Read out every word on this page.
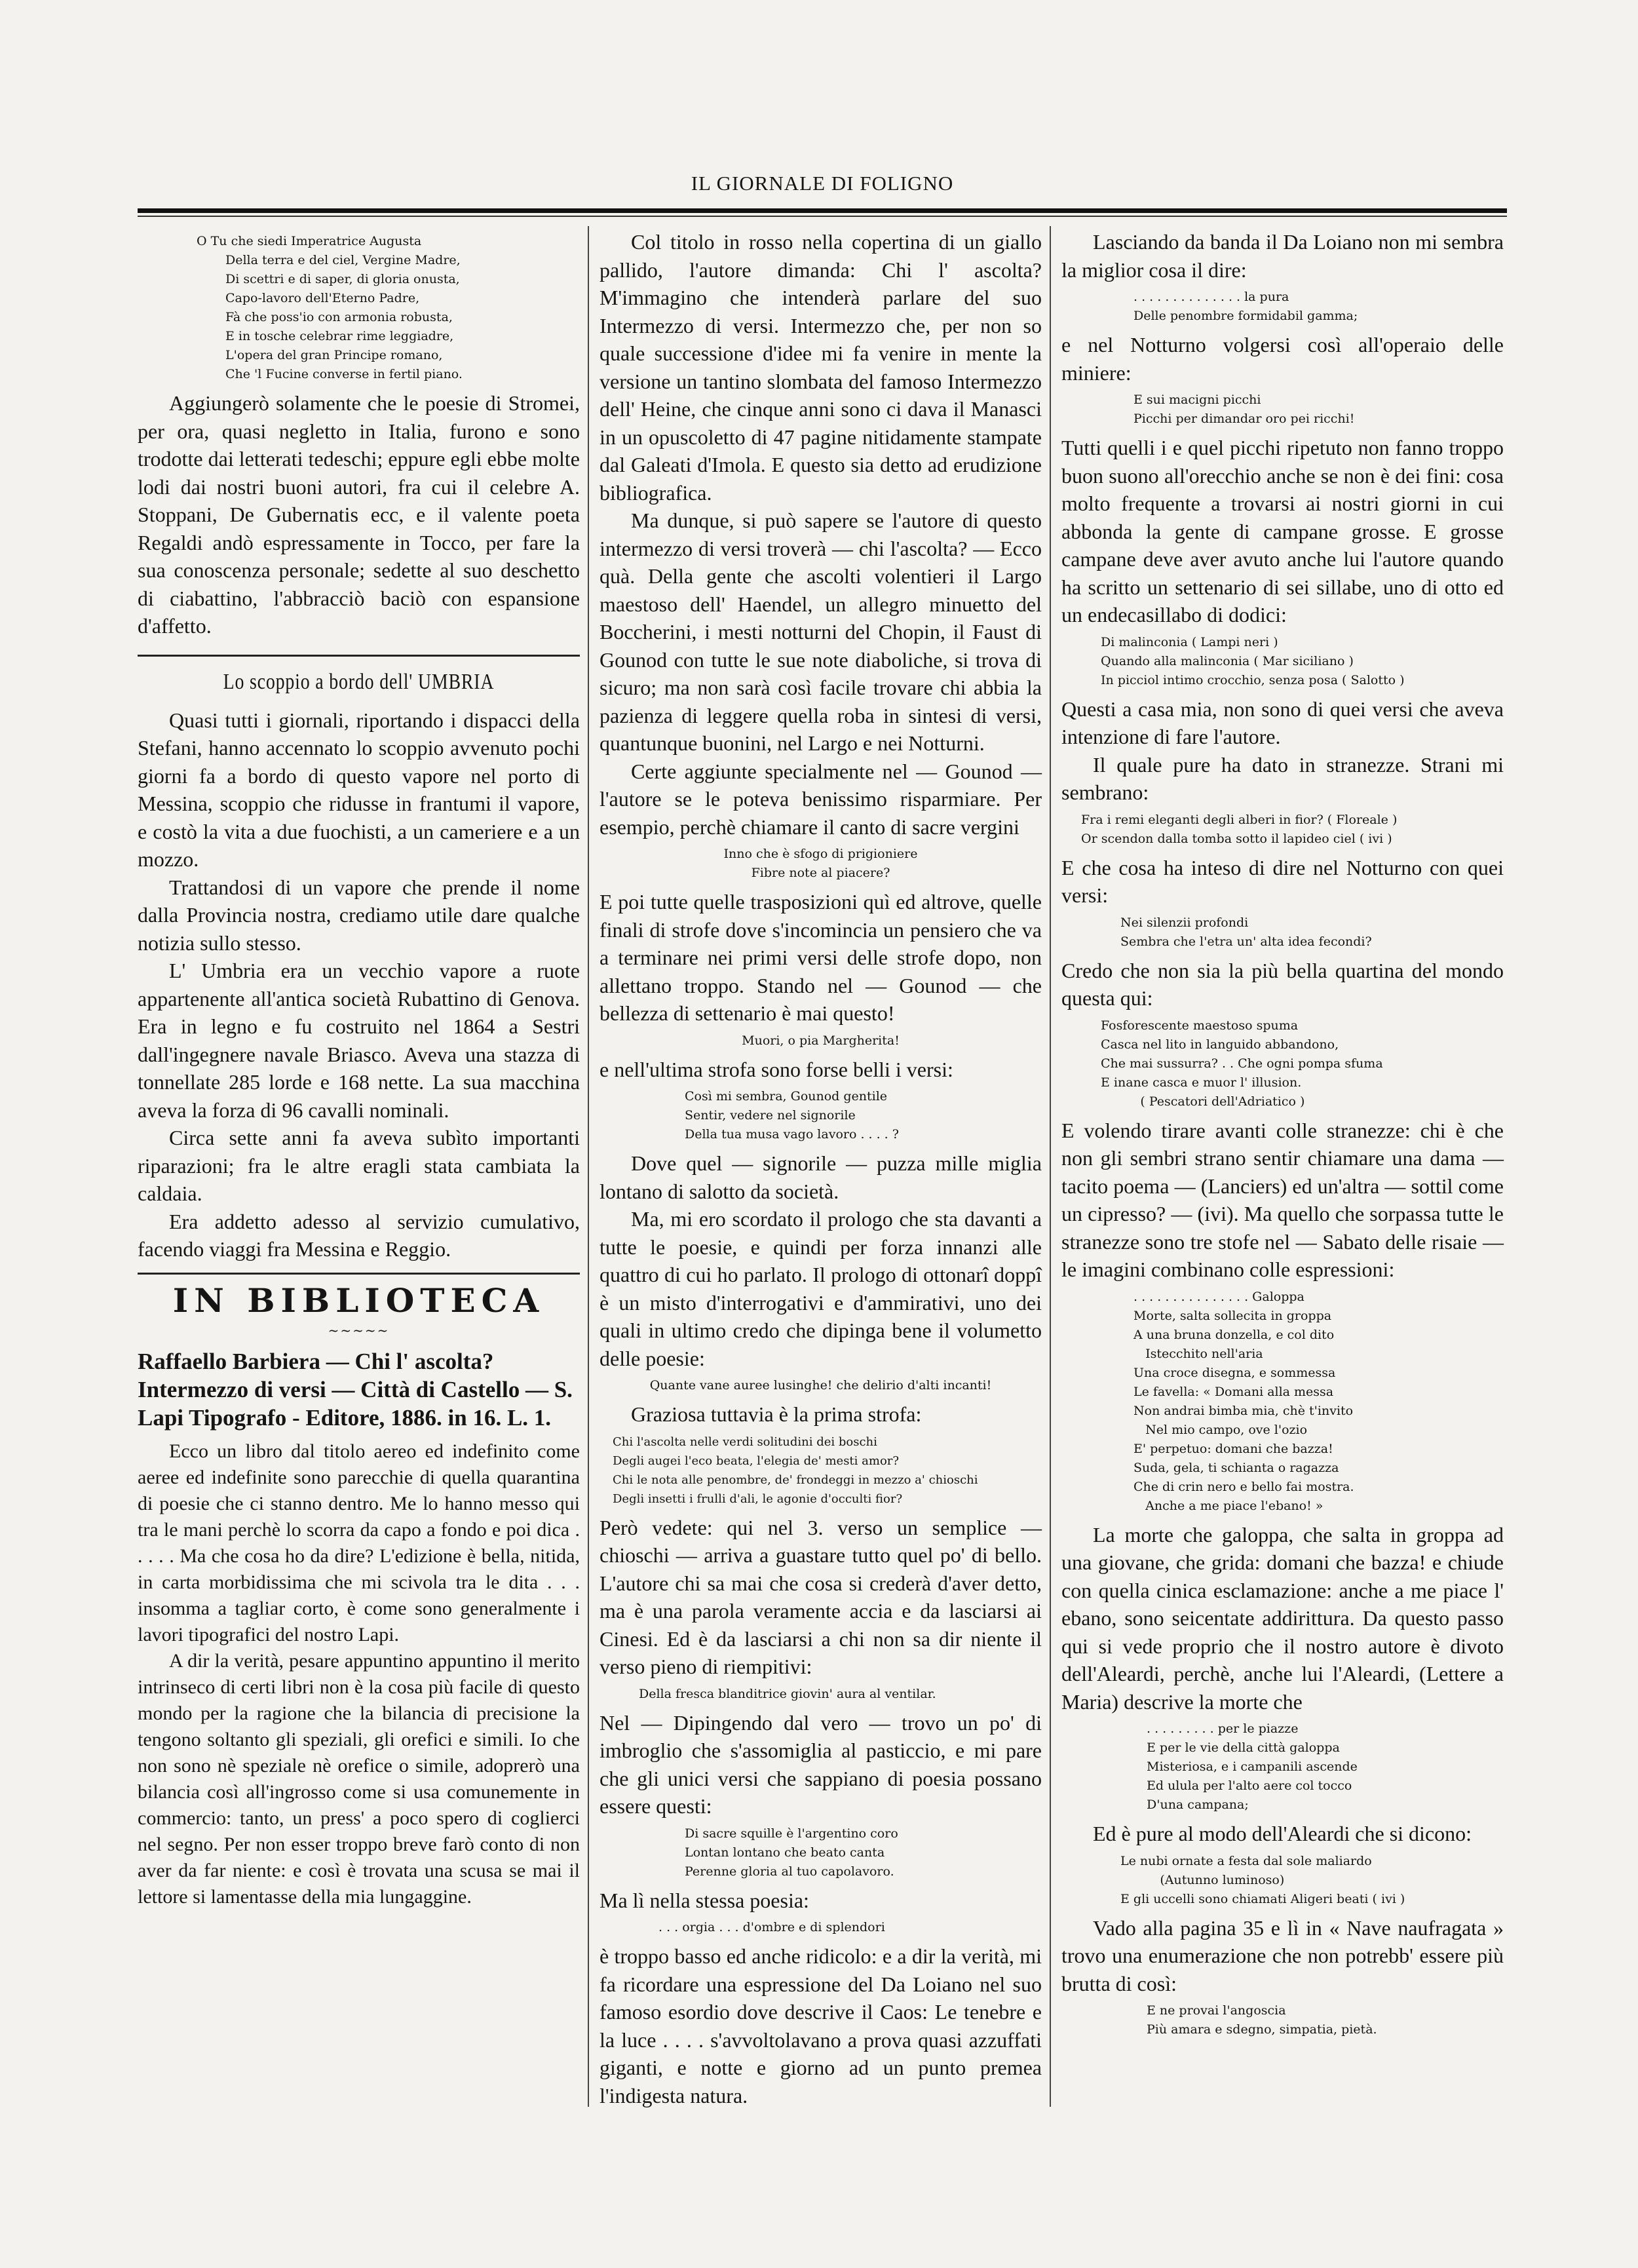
IL GIORNALE DI FOLIGNO
O Tu che siedi Imperatrice Augusta
Della terra e del ciel, Vergine Madre,
Di scettri e di saper, di gloria onusta,
Capo-lavoro dell'Eterno Padre,
Fà che poss'io con armonia robusta,
E in tosche celebrar rime leggiadre,
L'opera del gran Principe romano,
Che 'l Fucine converse in fertil piano.

Aggiungerò solamente che le poesie di Stromei, per ora, quasi negletto in Italia, furono e sono trodotte dai letterati tedeschi; eppure egli ebbe molte lodi dai nostri buoni autori, fra cui il celebre A. Stoppani, De Gubernatis ecc, e il valente poeta Regaldi andò espressamente in Tocco, per fare la sua conoscenza personale; sedette al suo deschetto di ciabattino, l'abbracciò baciò con espansione d'affetto.

Lo scoppio a bordo dell' UMBRIA

Quasi tutti i giornali, riportando i dispacci della Stefani, hanno accennato lo scoppio avvenuto pochi giorni fa a bordo di questo vapore nel porto di Messina, scoppio che ridusse in frantumi il vapore, e costò la vita a due fuochisti, a un cameriere e a un mozzo.

Trattandosi di un vapore che prende il nome dalla Provincia nostra, crediamo utile dare qualche notizia sullo stesso.

L' Umbria era un vecchio vapore a ruote appartenente all'antica società Rubattino di Genova. Era in legno e fu costruito nel 1864 a Sestri dall'ingegnere navale Briasco. Aveva una stazza di tonnellate 285 lorde e 168 nette. La sua macchina aveva la forza di 96 cavalli nominali.

Circa sette anni fa aveva subìto importanti riparazioni; fra le altre eragli stata cambiata la caldaia.

Era addetto adesso al servizio cumulativo, facendo viaggi fra Messina e Reggio.

IN BIBLIOTECA
~~~~~

Raffaello Barbiera — Chi l' ascolta? Intermezzo di versi — Città di Castello — S. Lapi Tipografo - Editore, 1886. in 16. L. 1.

Ecco un libro dal titolo aereo ed indefinito come aeree ed indefinite sono parecchie di quella quarantina di poesie che ci stanno dentro. Me lo hanno messo qui tra le mani perchè lo scorra da capo a fondo e poi dica . . . . . Ma che cosa ho da dire? L'edizione è bella, nitida, in carta morbidissima che mi scivola tra le dita . . . insomma a tagliar corto, è come sono generalmente i lavori tipografici del nostro Lapi.

A dir la verità, pesare appuntino appuntino il merito intrinseco di certi libri non è la cosa più facile di questo mondo per la ragione che la bilancia di precisione la tengono soltanto gli speziali, gli orefici e simili. Io che non sono nè speziale nè orefice o simile, adoprerò una bilancia così all'ingrosso come si usa comunemente in commercio: tanto, un press' a poco spero di coglierci nel segno. Per non esser troppo breve farò conto di non aver da far niente: e così è trovata una scusa se mai il lettore si lamentasse della mia lungaggine.

Col titolo in rosso nella copertina di un giallo pallido, l'autore dimanda: Chi l' ascolta? M'immagino che intenderà parlare del suo Intermezzo di versi. Intermezzo che, per non so quale successione d'idee mi fa venire in mente la versione un tantino slombata del famoso Intermezzo dell' Heine, che cinque anni sono ci dava il Manasci in un opuscoletto di 47 pagine nitidamente stampate dal Galeati d'Imola. E questo sia detto ad erudizione bibliografica.

Ma dunque, si può sapere se l'autore di questo intermezzo di versi troverà — chi l'ascolta? — Ecco quà. Della gente che ascolti volentieri il Largo maestoso dell' Haendel, un allegro minuetto del Boccherini, i mesti notturni del Chopin, il Faust di Gounod con tutte le sue note diaboliche, si trova di sicuro; ma non sarà così facile trovare chi abbia la pazienza di leggere quella roba in sintesi di versi, quantunque buonini, nel Largo e nei Notturni.

Certe aggiunte specialmente nel — Gounod — l'autore se le poteva benissimo risparmiare. Per esempio, perchè chiamare il canto di sacre vergini

Inno che è sfogo di prigioniere
Fibre note al piacere?

E poi tutte quelle trasposizioni quì ed altrove, quelle finali di strofe dove s'incomincia un pensiero che va a terminare nei primi versi delle strofe dopo, non allettano troppo. Stando nel — Gounod — che bellezza di settenario è mai questo!

Muori, o pia Margherita!

e nell'ultima strofa sono forse belli i versi:

Così mi sembra, Gounod gentile
Sentir, vedere nel signorile
Della tua musa vago lavoro . . . . ?

Dove quel — signorile — puzza mille miglia lontano di salotto da società.

Ma, mi ero scordato il prologo che sta davanti a tutte le poesie, e quindi per forza innanzi alle quattro di cui ho parlato. Il prologo di ottonarî doppî è un misto d'interrogativi e d'ammirativi, uno dei quali in ultimo credo che dipinga bene il volumetto delle poesie:

Quante vane auree lusinghe! che delirio d'alti incanti!

Graziosa tuttavia è la prima strofa:

Chi l'ascolta nelle verdi solitudini dei boschi
Degli augei l'eco beata, l'elegia de' mesti amor?
Chi le nota alle penombre, de' frondeggi in mezzo a' chioschi
Degli insetti i frulli d'ali, le agonie d'occulti fior?

Però vedete: qui nel 3. verso un semplice — chioschi — arriva a guastare tutto quel po' di bello. L'autore chi sa mai che cosa si crederà d'aver detto, ma è una parola veramente accia e da lasciarsi ai Cinesi. Ed è da lasciarsi a chi non sa dir niente il verso pieno di riempitivi:

Della fresca blanditrice giovin' aura al ventilar.

Nel — Dipingendo dal vero — trovo un po' di imbroglio che s'assomiglia al pasticcio, e mi pare che gli unici versi che sappiano di poesia possano essere questi:

Di sacre squille è l'argentino coro
Lontan lontano che beato canta
Perenne gloria al tuo capolavoro.

Ma lì nella stessa poesia:

. . . orgia . . . d'ombre e di splendori

è troppo basso ed anche ridicolo: e a dir la verità, mi fa ricordare una espressione del Da Loiano nel suo famoso esordio dove descrive il Caos: Le tenebre e la luce . . . . s'avvoltolavano a prova quasi azzuffati giganti, e notte e giorno ad un punto premea l'indigesta natura.

Lasciando da banda il Da Loiano non mi sembra la miglior cosa il dire:

. . . . . . . . . . . . . . la pura
Delle penombre formidabil gamma;

e nel Notturno volgersi così all'operaio delle miniere:

E sui macigni picchi
Picchi per dimandar oro pei ricchi!

Tutti quelli i e quel picchi ripetuto non fanno troppo buon suono all'orecchio anche se non è dei fini: cosa molto frequente a trovarsi ai nostri giorni in cui abbonda la gente di campane grosse. E grosse campane deve aver avuto anche lui l'autore quando ha scritto un settenario di sei sillabe, uno di otto ed un endecasillabo di dodici:

Di malinconia ( Lampi neri )
Quando alla malinconia ( Mar siciliano )
In picciol intimo crocchio, senza posa ( Salotto )

Questi a casa mia, non sono di quei versi che aveva intenzione di fare l'autore.

Il quale pure ha dato in stranezze. Strani mi sembrano:

Fra i remi eleganti degli alberi in fior? ( Floreale )
Or scendon dalla tomba sotto il lapideo ciel ( ivi )

E che cosa ha inteso di dire nel Notturno con quei versi:

Nei silenzii profondi
Sembra che l'etra un' alta idea fecondi?

Credo che non sia la più bella quartina del mondo questa qui:

Fosforescente maestoso spuma
Casca nel lito in languido abbandono,
Che mai sussurra? . . Che ogni pompa sfuma
E inane casca e muor l' illusion.
( Pescatori dell'Adriatico )

E volendo tirare avanti colle stranezze: chi è che non gli sembri strano sentir chiamare una dama — tacito poema — (Lanciers) ed un'altra — sottil come un cipresso? — (ivi). Ma quello che sorpassa tutte le stranezze sono tre stofe nel — Sabato delle risaie — le imagini combinano colle espressioni:

. . . . . . . . . . . . . . . Galoppa
Morte, salta sollecita in groppa
A una bruna donzella, e col dito
Istecchito nell'aria
Una croce disegna, e sommessa
Le favella: « Domani alla messa
Non andrai bimba mia, chè t'invito
Nel mio campo, ove l'ozio
E' perpetuo: domani che bazza!
Suda, gela, ti schianta o ragazza
Che di crin nero e bello fai mostra.
Anche a me piace l'ebano! »

La morte che galoppa, che salta in groppa ad una giovane, che grida: domani che bazza! e chiude con quella cinica esclamazione: anche a me piace l' ebano, sono seicentate addirittura. Da questo passo qui si vede proprio che il nostro autore è divoto dell'Aleardi, perchè, anche lui l'Aleardi, (Lettere a Maria) descrive la morte che

. . . . . . . . . per le piazze
E per le vie della città galoppa
Misteriosa, e i campanili ascende
Ed ulula per l'alto aere col tocco
D'una campana;

Ed è pure al modo dell'Aleardi che si dicono:

Le nubi ornate a festa dal sole maliardo
(Autunno luminoso)
E gli uccelli sono chiamati Aligeri beati ( ivi )

Vado alla pagina 35 e lì in « Nave naufragata » trovo una enumerazione che non potrebb' essere più brutta di così:

E ne provai l'angoscia
Più amara e sdegno, simpatia, pietà.
